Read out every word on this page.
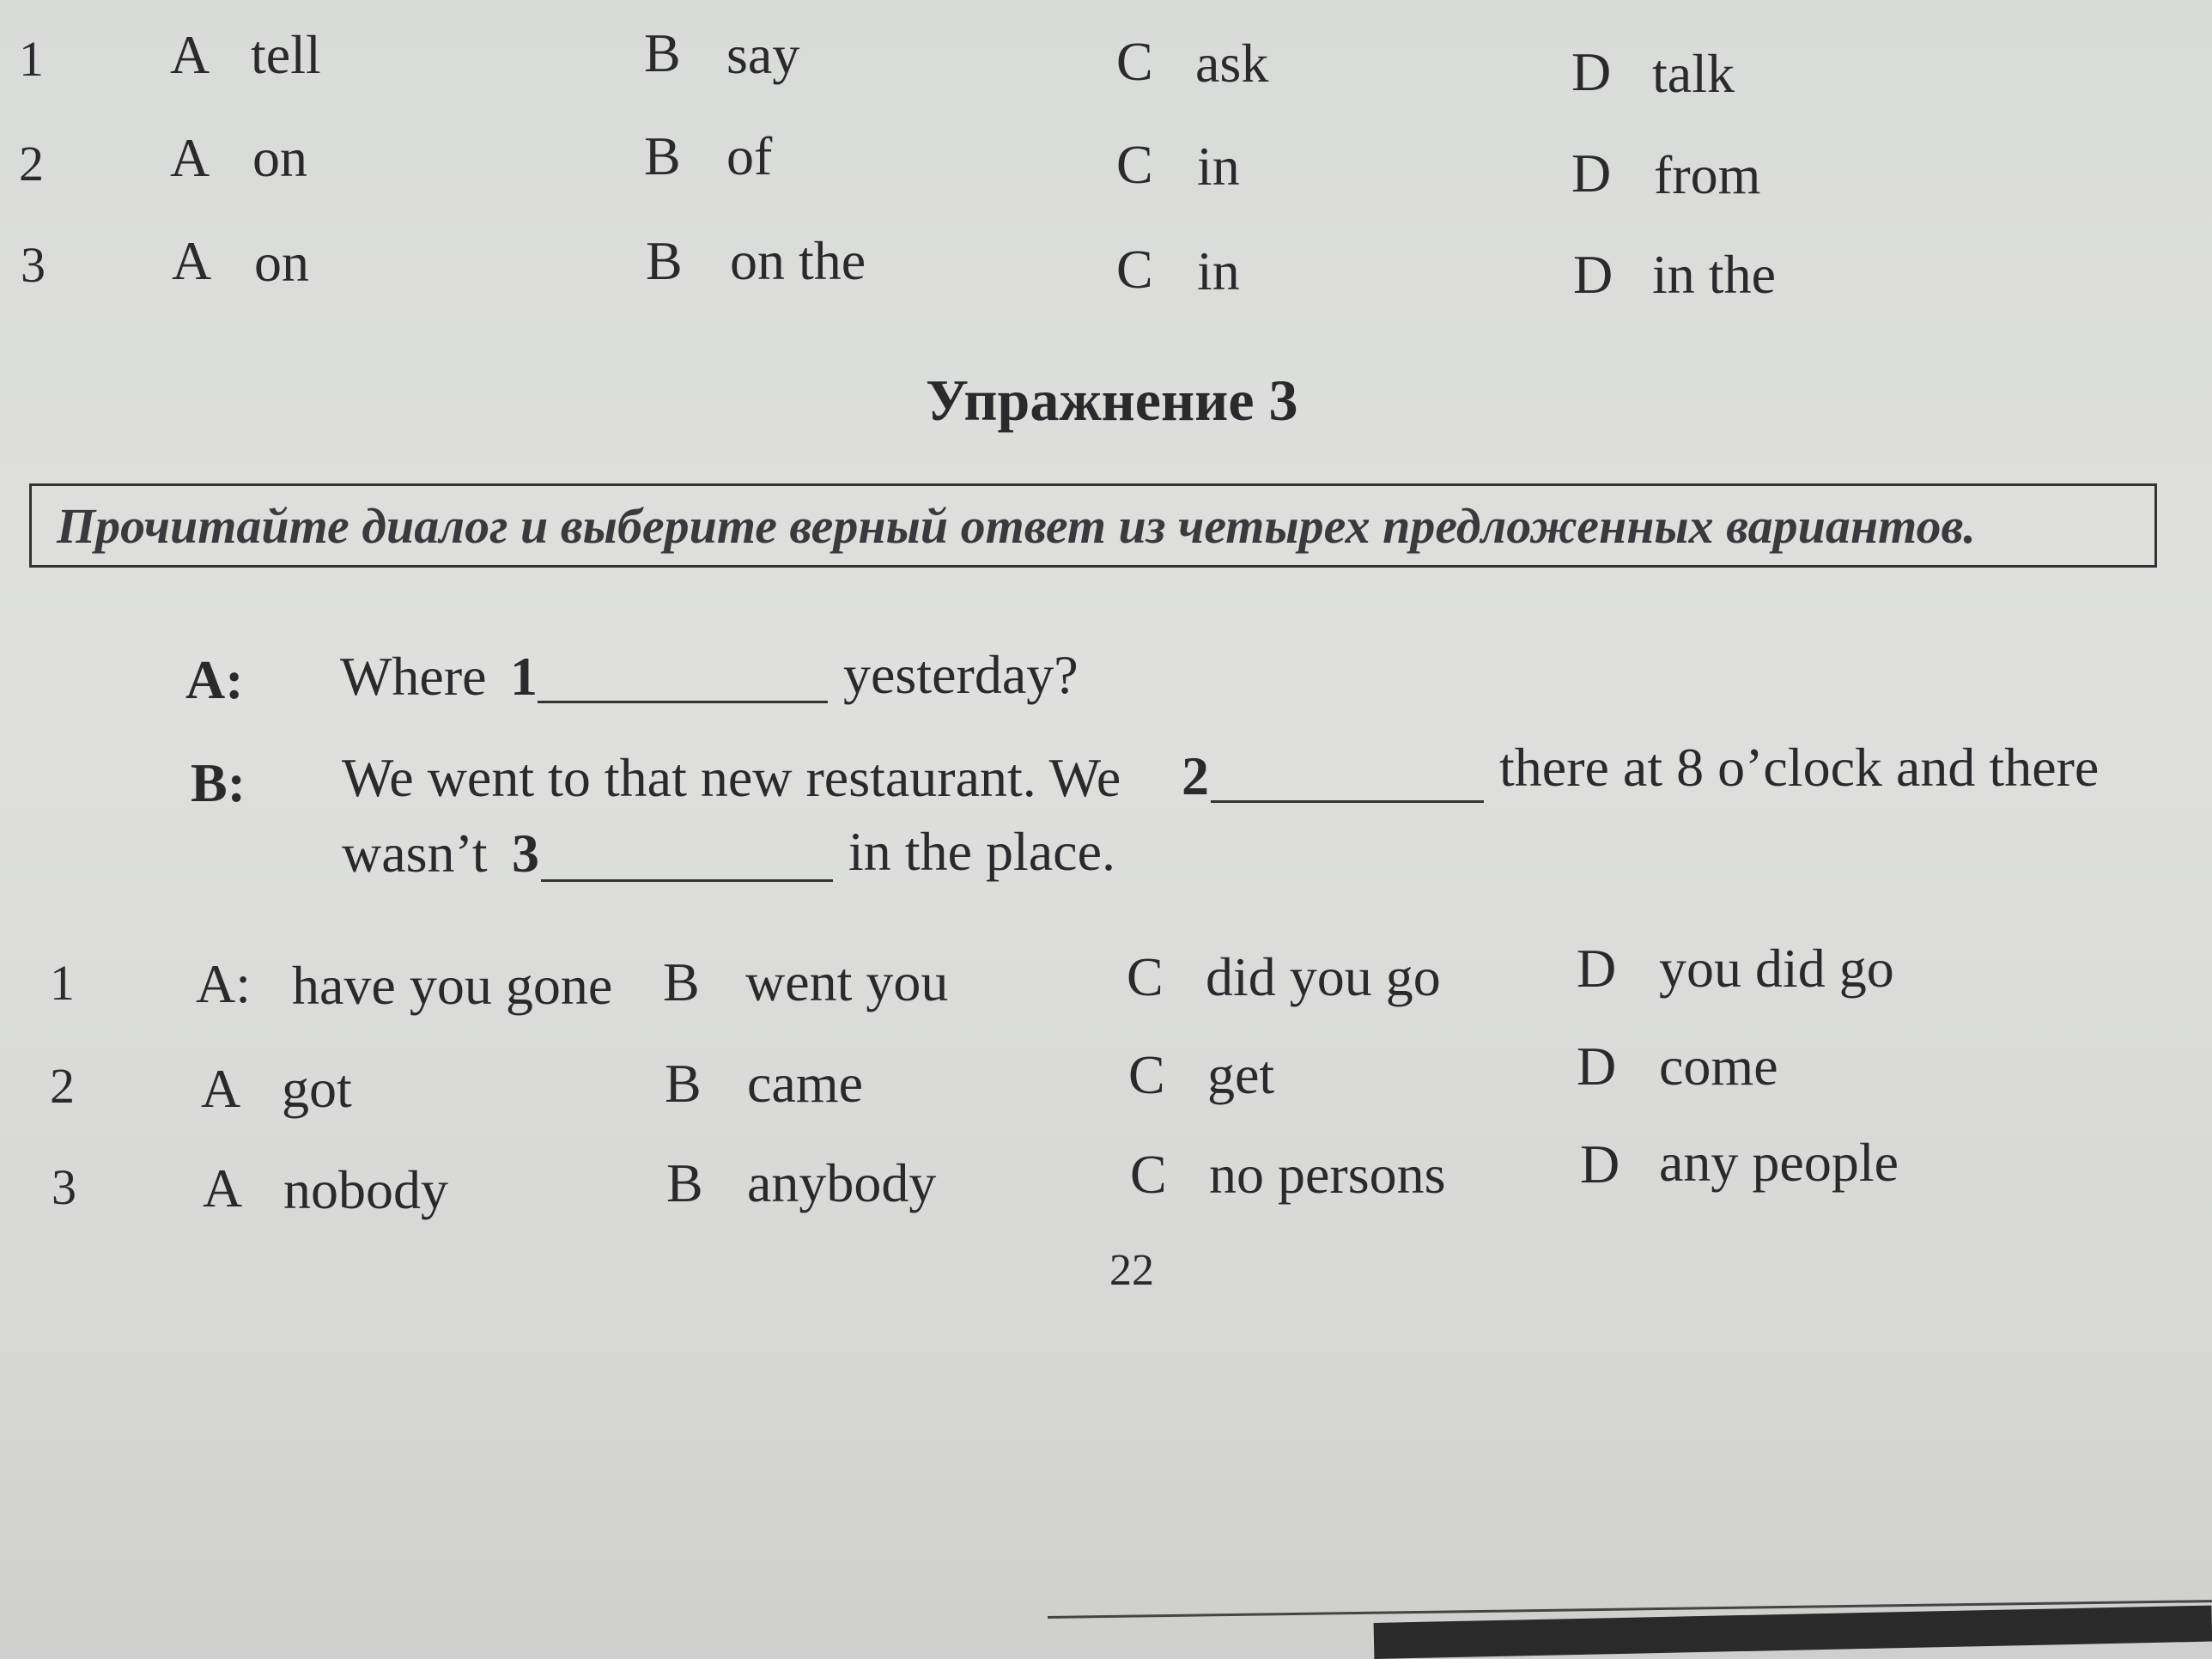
1 A tell	B say	C ask	D talk
2 A on	B of	C in	D from
3 A on	B on the	C in	D in the
Упражнение 3
Прочитайте диалог и выберите верный ответ из четырех предложенных вариантов.
A: Where 1	yesterday?
B: We went to that new restaurant. We 2	there at 8 o’clock and there
wasn’t 3	in the place.
1 A: have you gone B went you	C did you go D you did go
2 A got	B came	C get	D come
3 A nobody	B anybody	C no persons D any people
22
